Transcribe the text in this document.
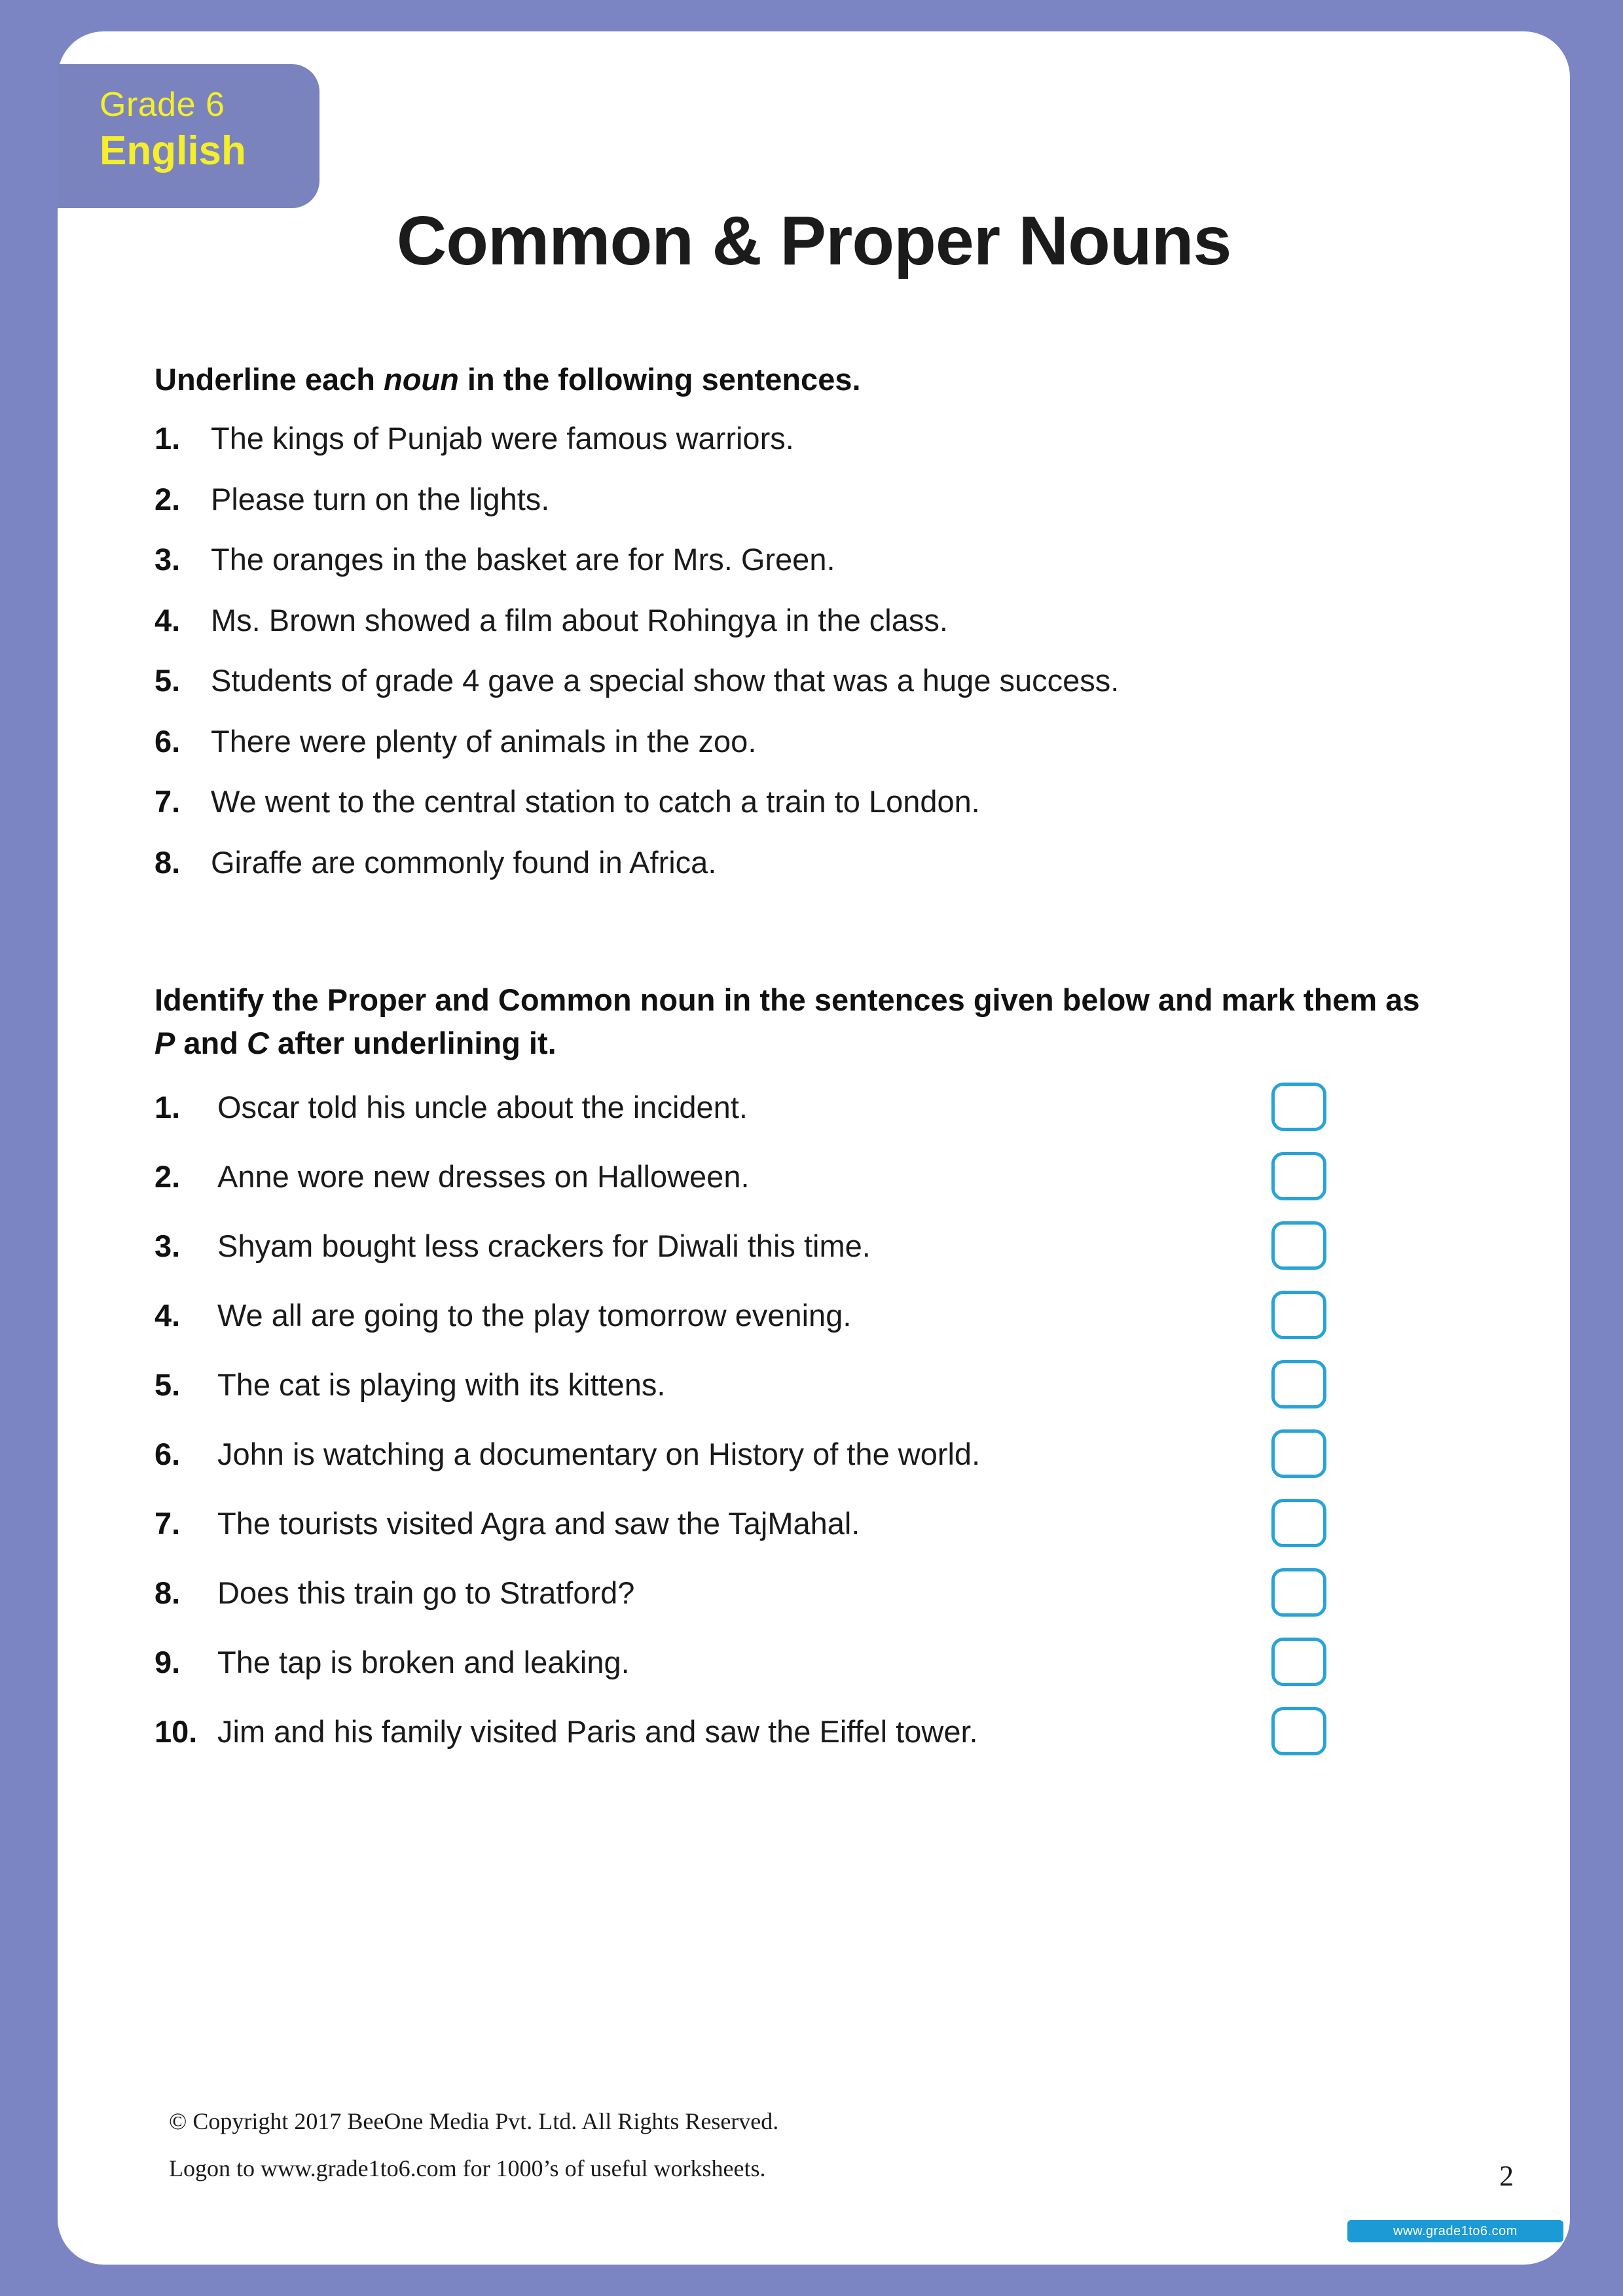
Grade 6
English
Common & Proper Nouns
Underline each noun in the following sentences.
1. The kings of Punjab were famous warriors.
2. Please turn on the lights.
3. The oranges in the basket are for Mrs. Green.
4. Ms. Brown showed a film about Rohingya in the class.
5. Students of grade 4 gave a special show that was a huge success.
6. There were plenty of animals in the zoo.
7. We went to the central station to catch a train to London.
8. Giraffe are commonly found in Africa.
Identify the Proper and Common noun in the sentences given below and mark them as P and C after underlining it.
1.	Oscar told his uncle about the incident.
2.	Anne wore new dresses on Halloween.
3.	Shyam bought less crackers for Diwali this time.
4.	We all are going to the play tomorrow evening.
5.	The cat is playing with its kittens.
6.	John is watching a documentary on History of the world.
7.	The tourists visited Agra and saw the TajMahal.
8.	Does this train go to Stratford?
9.	The tap is broken and leaking.
10. Jim and his family visited Paris and saw the Eiffel tower.
© Copyright 2017 BeeOne Media Pvt. Ltd. All Rights Reserved.
Logon to www.grade1to6.com for 1000’s of useful worksheets.	2
www.grade1to6.com
